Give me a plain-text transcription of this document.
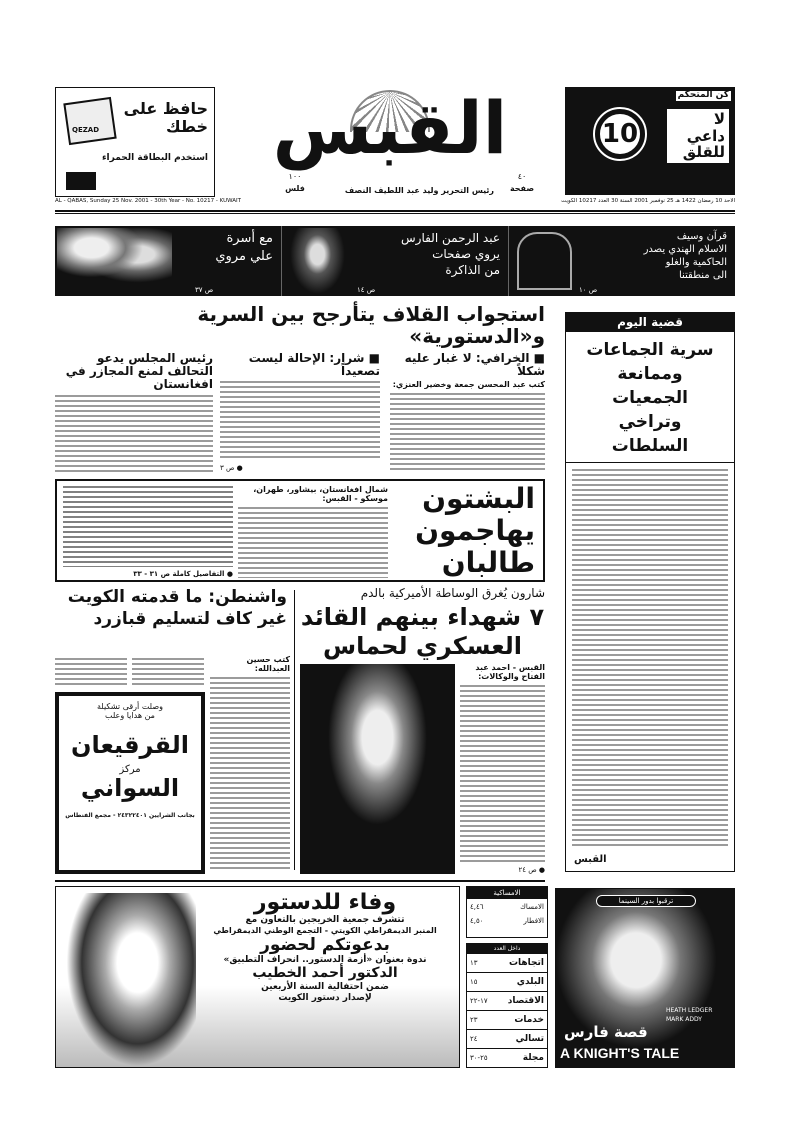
QEZAD
حافظ على خطك
استخدم البطاقة الحمراء القبس
١٠٠
فلس	رئيس التحرير وليد عبد اللطيف النصف
٤٠
صفحة
كن المتحكم
10	لا
داعي
للقلق
AL - QABAS, Sunday 25 Nov. 2001 - 30th Year - No. 10217 - KUWAIT	الاحد 10 رمضان 1422 هـ 25 نوفمبر 2001 السنة 30 العدد 10217 الكويت
قرآن وسيف
الاسلام الهندي يصدر
الحاكمية والغلو
الى منطقتنا
ص ١٠
عبد الرحمن الفارس
يروي صفحات
من الذاكرة
ص ١٤
مع أسرة
علي مروي
ص ٣٧
استجواب القلاف يتأرجح بين السرية و«الدستورية»
■ الخرافي: لا غبار عليه شكلاً
كتب عبد المحسن جمعة وخضير العنزي:
■ شرار: الإحالة ليست تصعيداً
● ص ٣
رئيس المجلس يدعو التحالف لمنع المجازر في افغانستان
البشتون يهاجمون طالبان
شمال افغانستان، بيشاور، طهران، موسكو - القبس:
● التفاصيل كاملة ص ٣١ - ٣٣
واشنطن: ما قدمته الكويت غير كاف لتسليم قبازرد
كتب حسين العبدالله:
وصلت أرقى تشكيلة
من هدايا وعلب
القرقيعان
مركز
السواني
بجانب الشرايين ٢٤٣٢٢٤٠١ - مجمع الفنطاس
شارون يُغرق الوساطة الأميركية بالدم
٧ شهداء بينهم القائد العسكري لحماس
القبس - احمد عبد الفتاح والوكالات:
● ص ٢٤
قضية اليوم
سرية الجماعات وممانعة الجمعيات وتراخي السلطات
القبس
وفاء للدستور
تتشرف جمعية الخريجين بالتعاون مع
المنبر الديمقراطي الكويتي - التجمع الوطني الديمقراطي
بدعوتكم لحضور
ندوة بعنوان «أزمة الدستور.. انحراف التطبيق»
الدكتور أحمد الخطيب
ضمن احتفالية السنة الأربعين
لإصدار دستور الكويت
الامساكية
الامساك
٤,٤٦
الافطار
٤,٥٠
داخل العدد
اتجاهات
١٣
البلدي
١٥
الاقتصاد
١٧-٢٢
خدمات
٢٣
تسالي
٢٤
مجلة
٢٥-٣٠
ترقبوا بدور السينما
HEATH LEDGER
MARK ADDY
قصة فارس
A KNIGHT'S TALE
